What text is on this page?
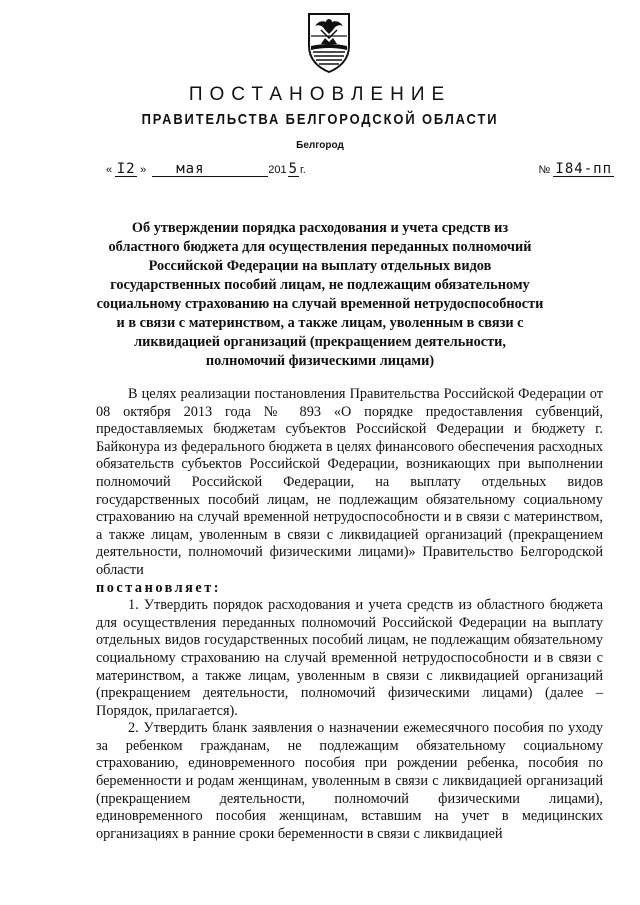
ПОСТАНОВЛЕНИЕ
ПРАВИТЕЛЬСТВА БЕЛГОРОДСКОЙ ОБЛАСТИ
Белгород
« I2 » мая	201 5 г.	№ I84-пп
Об утверждении порядка расходования и учета средств из областного бюджета для осуществления переданных полномочий Российской Федерации на выплату отдельных видов государственных пособий лицам, не подлежащим обязательному социальному страхованию на случай временной нетрудоспособности и в связи с материнством, а также лицам, уволенным в связи с ликвидацией организаций (прекращением деятельности, полномочий физическими лицами)

В целях реализации постановления Правительства Российской Федерации от 08 октября 2013 года № 893 «О порядке предоставления субвенций, предоставляемых бюджетам субъектов Российской Федерации и бюджету г. Байконура из федерального бюджета в целях финансового обеспечения расходных обязательств субъектов Российской Федерации, возникающих при выполнении полномочий Российской Федерации, на выплату отдельных видов государственных пособий лицам, не подлежащим обязательному социальному страхованию на случай временной нетрудоспособности и в связи с материнством, а также лицам, уволенным в связи с ликвидацией организаций (прекращением деятельности, полномочий физическими лицами)» Правительство Белгородской области

постановляет:

1. Утвердить порядок расходования и учета средств из областного бюджета для осуществления переданных полномочий Российской Федерации на выплату отдельных видов государственных пособий лицам, не подлежащим обязательному социальному страхованию на случай временной нетрудоспособности и в связи с материнством, а также лицам, уволенным в связи с ликвидацией организаций (прекращением деятельности, полномочий физическими лицами) (далее – Порядок, прилагается).

2. Утвердить бланк заявления о назначении ежемесячного пособия по уходу за ребенком гражданам, не подлежащим обязательному социальному страхованию, единовременного пособия при рождении ребенка, пособия по беременности и родам женщинам, уволенным в связи с ликвидацией организаций (прекращением деятельности, полномочий физическими лицами), единовременного пособия женщинам, вставшим на учет в медицинских организациях в ранние сроки беременности в связи с ликвидацией
